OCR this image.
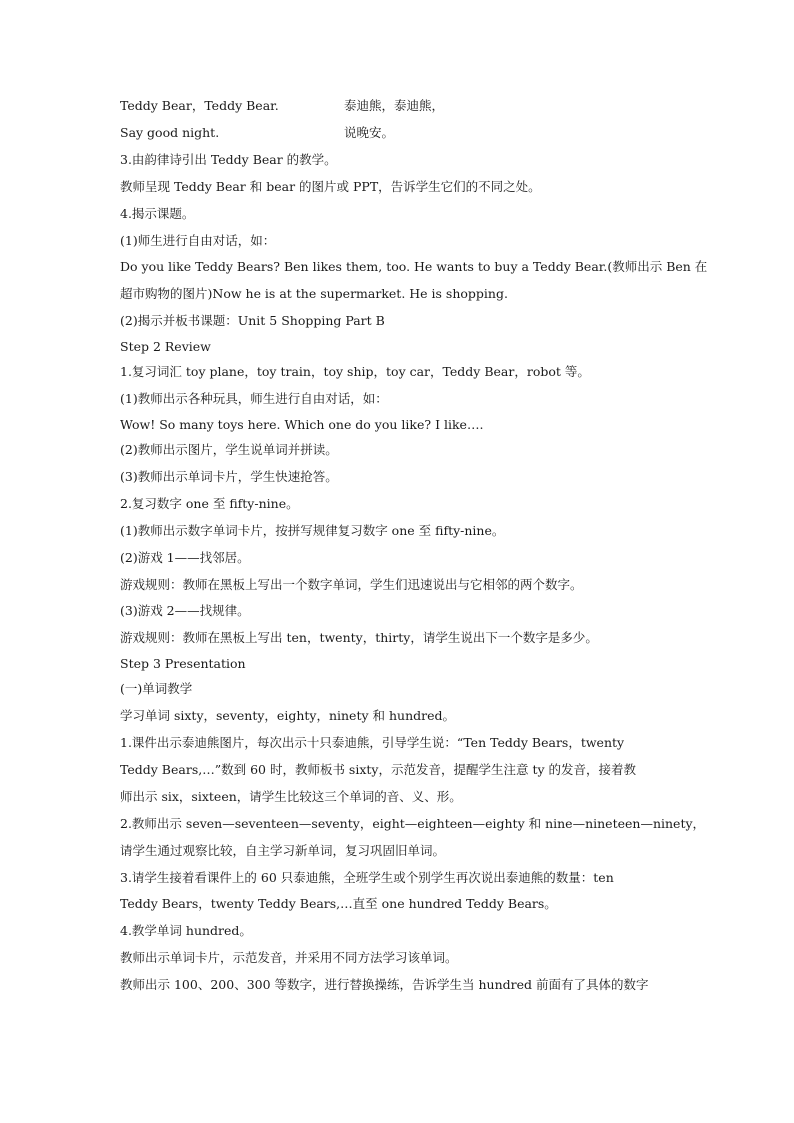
Teddy Bear，Teddy Bear.	泰迪熊，泰迪熊，
Say good night.	说晚安。

3.由韵律诗引出 Teddy Bear 的教学。

教师呈现 Teddy Bear 和 bear 的图片或 PPT，告诉学生它们的不同之处。

4.揭示课题。

(1)师生进行自由对话，如：

Do you like Teddy Bears? Ben likes them, too. He wants to buy a Teddy Bear.(教师出示 Ben 在

超市购物的图片)Now he is at the supermarket. He is shopping.

(2)揭示并板书课题：Unit 5 Shopping Part B

Step 2 Review

1.复习词汇 toy plane，toy train，toy ship，toy car，Teddy Bear，robot 等。

(1)教师出示各种玩具，师生进行自由对话，如：

Wow! So many toys here. Which one do you like? I like….

(2)教师出示图片，学生说单词并拼读。

(3)教师出示单词卡片，学生快速抢答。

2.复习数字 one 至 fifty-nine。

(1)教师出示数字单词卡片，按拼写规律复习数字 one 至 fifty-nine。

(2)游戏 1——找邻居。

游戏规则：教师在黑板上写出一个数字单词，学生们迅速说出与它相邻的两个数字。

(3)游戏 2——找规律。

游戏规则：教师在黑板上写出 ten，twenty，thirty，请学生说出下一个数字是多少。

Step 3 Presentation

(一)单词教学

学习单词 sixty，seventy，eighty，ninety 和 hundred。

1.课件出示泰迪熊图片，每次出示十只泰迪熊，引导学生说：“Ten Teddy Bears，twenty

Teddy Bears,…”数到 60 时，教师板书 sixty，示范发音，提醒学生注意 ty 的发音，接着教

师出示 six，sixteen，请学生比较这三个单词的音、义、形。

2.教师出示 seven—seventeen—seventy，eight—eighteen—eighty 和 nine—nineteen—ninety，

请学生通过观察比较，自主学习新单词，复习巩固旧单词。

3.请学生接着看课件上的 60 只泰迪熊，全班学生或个别学生再次说出泰迪熊的数量：ten

Teddy Bears，twenty Teddy Bears,…直至 one hundred Teddy Bears。

4.教学单词 hundred。

教师出示单词卡片，示范发音，并采用不同方法学习该单词。

教师出示 100、200、300 等数字，进行替换操练，告诉学生当 hundred 前面有了具体的数字
